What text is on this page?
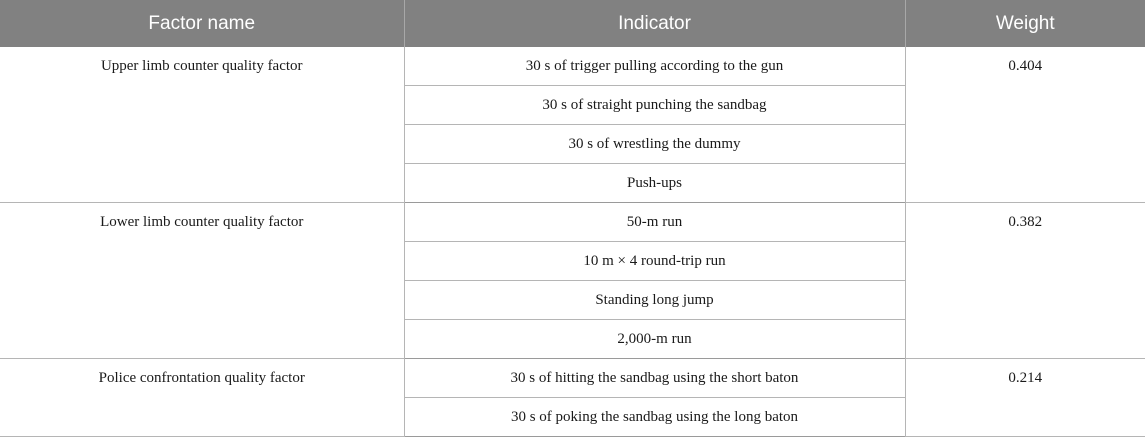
Factor name	Indicator	Weight
Upper limb counter quality factor	30 s of trigger pulling according to the gun	0.404
	30 s of straight punching the sandbag	
	30 s of wrestling the dummy	
	Push-ups	
Lower limb counter quality factor	50-m run	0.382
	10 m × 4 round-trip run	
	Standing long jump	
	2,000-m run	
Police confrontation quality factor	30 s of hitting the sandbag using the short baton	0.214
	30 s of poking the sandbag using the long baton	
